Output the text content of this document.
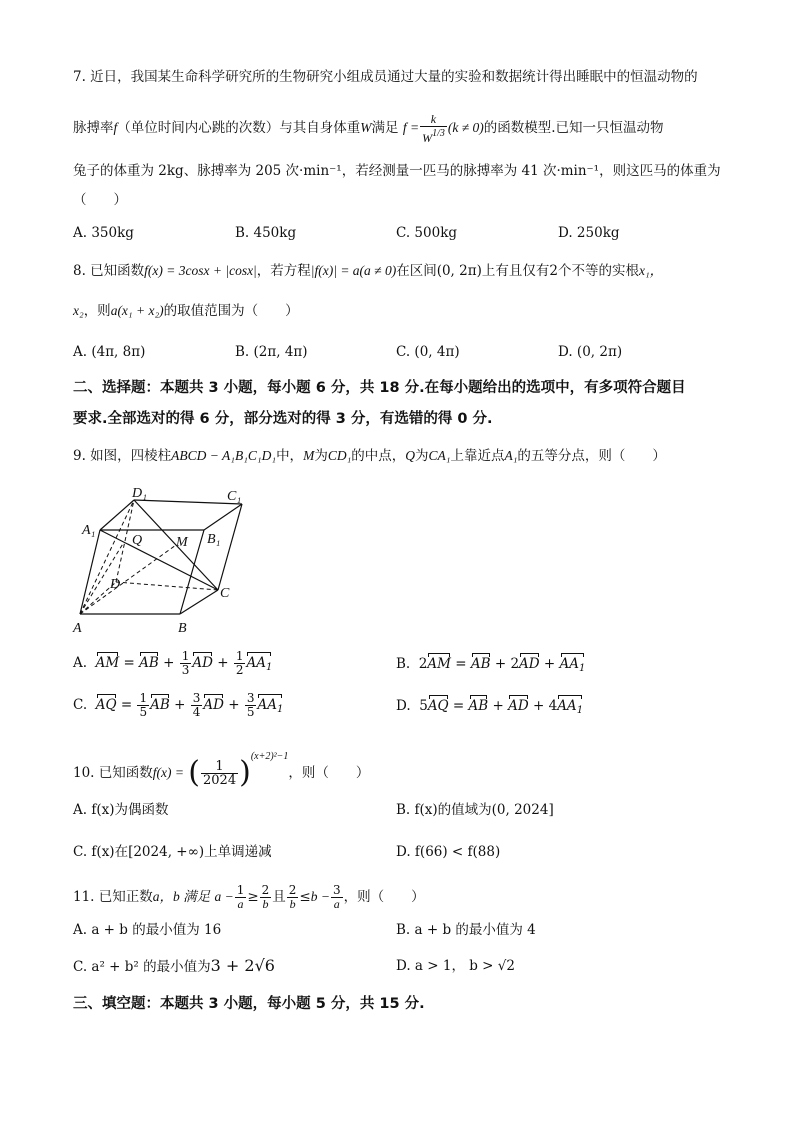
7. 近日，我国某生命科学研究所的生物研究小组成员通过大量的实验和数据统计得出睡眠中的恒温动物的
脉搏率f（单位时间内心跳的次数）与其自身体重W满足 $f = \frac{k}{W^{1/3}} (k \ne 0)$的函数模型.已知一只恒温动物
兔子的体重为 2kg、脉搏率为 205 次·min⁻¹，若经测量一匹马的脉搏率为 41 次·min⁻¹，则这匹马的体重为
（　　）
A. 350kg	B. 450kg	C. 500kg	D. 250kg
8. 已知函数f(x) = 3cosx + |cosx|，若方程|f(x)| = a(a ≠ 0)在区间(0, 2π)上有且仅有2个不等的实根x₁，
x₂，则a(x₁ + x₂)的取值范围为（　　）
A. (4π, 8π)	B. (2π, 4π)	C. (0, 4π)	D. (0, 2π)
二、选择题：本题共 3 小题，每小题 6 分，共 18 分.在每小题给出的选项中，有多项符合题目
要求.全部选对的得 6 分，部分选对的得 3 分，有选错的得 0 分.
9. 如图，四棱柱ABCD − A₁B₁C₁D₁中，M为CD₁的中点，Q为CA₁上靠近点A₁的五等分点，则（　　）
D₁	C₁
A₁
Q M B₁
D
C
A	B
A. AM = AB + $\frac{1}{3}$ AD + $\frac{1}{2} AA_1$	B.  2AM = AB + $2AD + AA_1$
C. AQ = $\frac{1}{5}$ AB + $\frac{3}{4}$ AD + $\frac{3}{5} AA_1$	D.  5AQ = AB + AD + $4AA_1$
10. 已知函数f(x) = ( $\frac{1}{2024} )^{(x+2)^2-1}$，则（　　）
A. f(x)为偶函数	B. f(x)的值域为(0, 2024]
C. f(x)在[2024, +∞)上单调递减	D. f(66) < f(88)
11. 已知正数a，b 满足 $a - \frac{1}{a} \ge \frac{2}{b}$ 且 $\frac{2}{b} \le b - \frac{3}{a}$ ，则（　　）
A. a + b 的最小值为 16	B. a + b 的最小值为 4
C. a² + b² 的最小值为3 + 2√6	D. a > 1， b > √2
三、填空题：本题共 3 小题，每小题 5 分，共 15 分.
